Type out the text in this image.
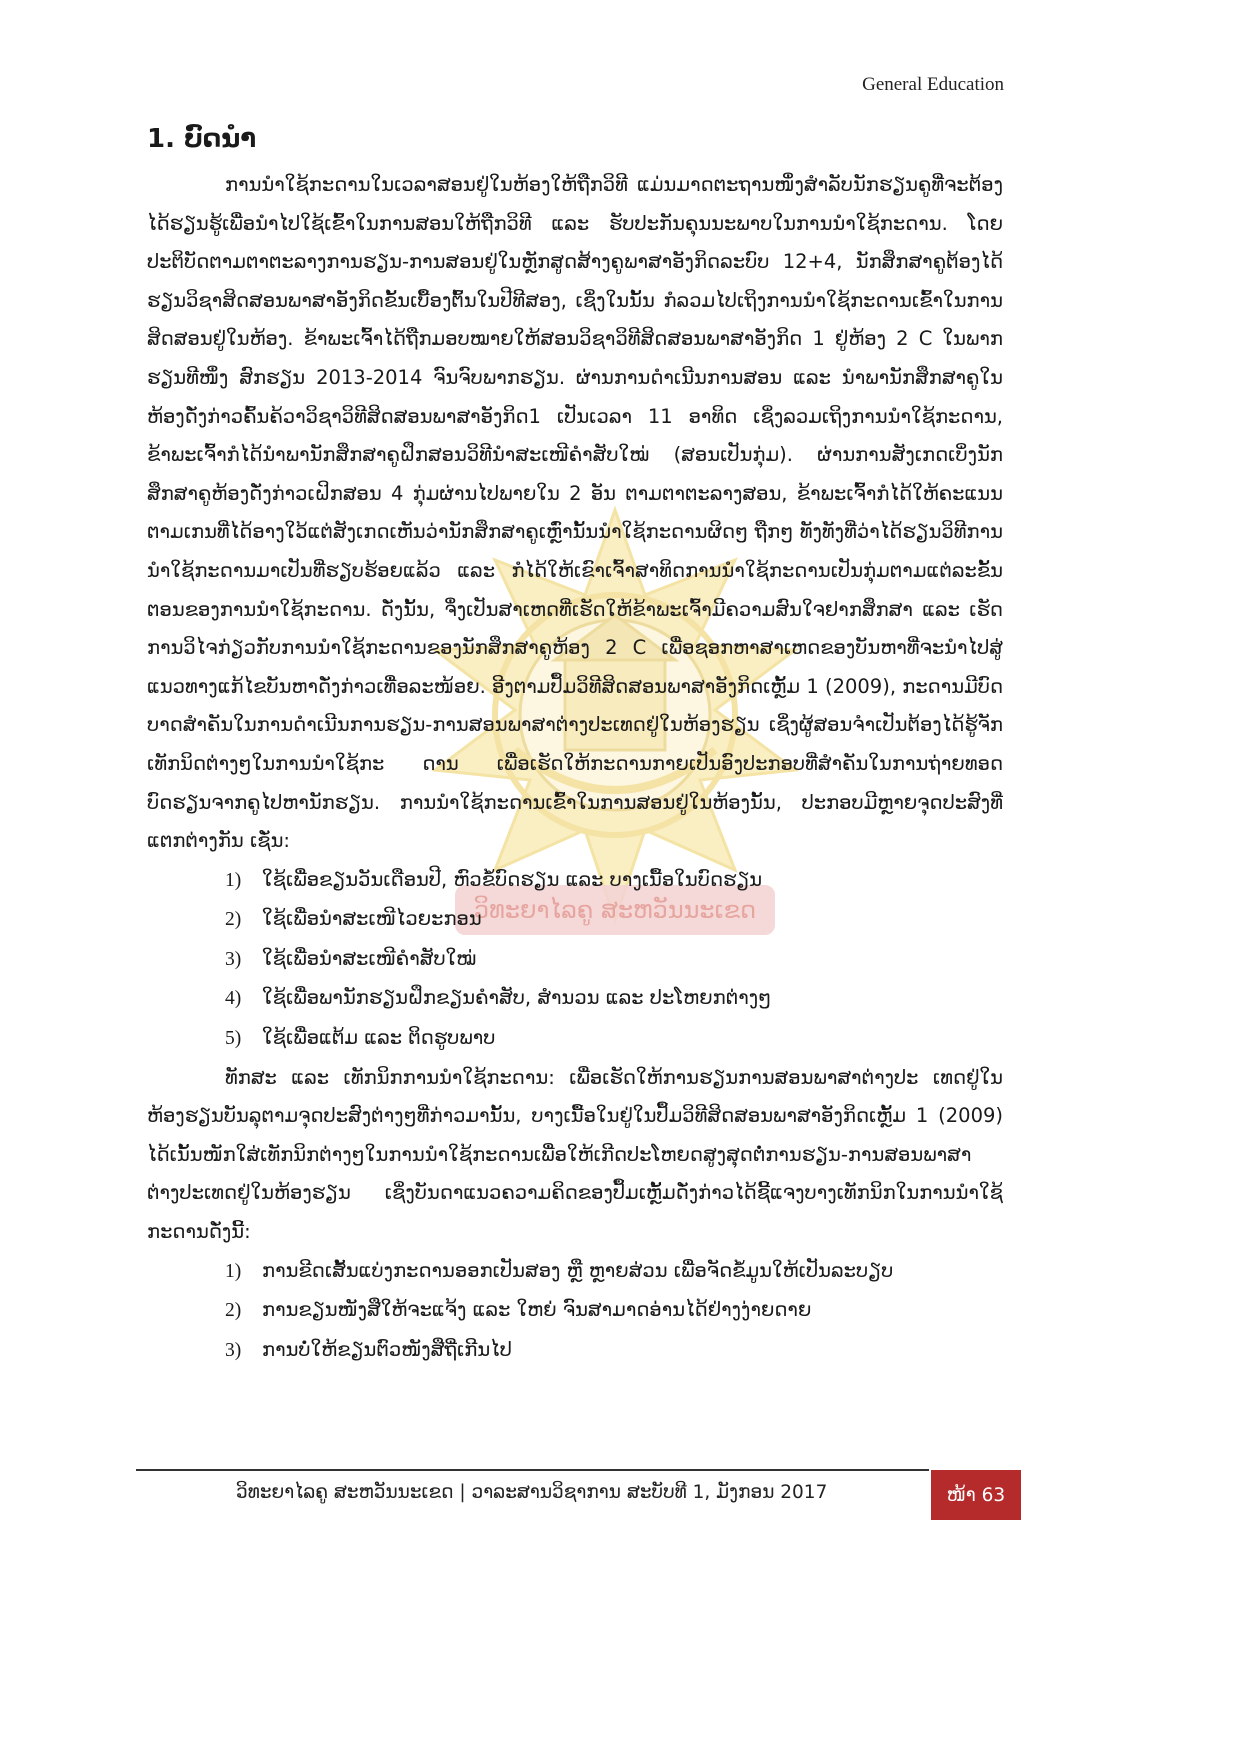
ວິທະຍາໄລຄູ ສະຫວັນນະເຂດ
General Education
1. ບົດນໍາ

ການນໍາໃຊ້ກະດານໃນເວລາສອນຢູ່ໃນຫ້ອງໃຫ້ຖືກວິທີ ແມ່ນມາດຕະຖານໜຶ່ງສໍາລັບນັກຮຽນຄູທີ່ຈະຕ້ອງໄດ້ຮຽນຮູ້ເພື່ອນໍາໄປໃຊ້ເຂົ້າໃນການສອນໃຫ້ຖືກວິທີ ແລະ ຮັບປະກັນຄຸນນະພາບໃນການນໍາໃຊ້ກະດານ. ໂດຍປະຕິບັດຕາມຕາຕະລາງການຮຽນ-ການສອນຢູ່ໃນຫຼັກສູດສ້າງຄູພາສາອັງກິດລະບົບ 12+4, ນັກສຶກສາຄູຕ້ອງໄດ້ຮຽນວິຊາສິດສອນພາສາອັງກິດຂັ້ນເບື້ອງຕົ້ນໃນປີທີສອງ, ເຊິ່ງໃນນັ້ນ ກໍລວມໄປເຖິງການນໍາໃຊ້ກະດານເຂົ້າໃນການສິດສອນຢູ່ໃນຫ້ອງ. ຂ້າພະເຈົ້າໄດ້ຖືກມອບໝາຍໃຫ້ສອນວິຊາວິທີສິດສອນພາສາອັງກິດ 1 ຢູ່ຫ້ອງ 2 C ໃນພາກຮຽນທີໜຶ່ງ ສົກຮຽນ 2013-2014 ຈົນຈົບພາກຮຽນ. ຜ່ານການດໍາເນີນການສອນ ແລະ ນໍາພານັກສຶກສາຄູໃນຫ້ອງດັ່ງກ່າວຄົ້ນຄ້ວາວິຊາວິທີສິດສອນພາສາອັງກິດ1 ເປັນເວລາ 11 ອາທິດ ເຊິ່ງລວມເຖິງການນໍາໃຊ້ກະດານ, ຂ້າພະເຈົ້າກໍໄດ້ນໍາພານັກສຶກສາຄູຝຶກສອນວິທີນໍາສະເໜີຄໍາສັບໃໝ່ (ສອນເປັນກຸ່ມ). ຜ່ານການສັງເກດເບິ່ງນັກສຶກສາຄູຫ້ອງດັ່ງກ່າວເຝິກສອນ 4 ກຸ່ມຜ່ານໄປພາຍໃນ 2 ອັນ ຕາມຕາຕະລາງສອນ, ຂ້າພະເຈົ້າກໍໄດ້ໃຫ້ຄະແນນຕາມເກນທີ່ໄດ້ອາງໃວ້ແຕ່ສັງເກດເຫັນວ່ານັກສຶກສາຄູເຫຼົ່ານັ້ນນໍາໃຊ້ກະດານຜິດໆ ຖືກໆ ທັງທັງທີ່ວ່າໄດ້ຮຽນວິທີການນໍາໃຊ້ກະດານມາເປັນທີ່ຮຽບຮ້ອຍແລ້ວ ແລະ ກໍໄດ້ໃຫ້ເຂົາເຈົ້າສາທິດການນໍາໃຊ້ກະດານເປັນກຸ່ມຕາມແຕ່ລະຂັ້ນຕອນຂອງການນໍາໃຊ້ກະດານ. ດັ່ງນັ້ນ, ຈຶ່ງເປັນສາເຫດທີ່ເຮັດໃຫ້ຂ້າພະເຈົ້າມີຄວາມສົນໃຈຢາກສຶກສາ ແລະ ເຮັດການວິໄຈກ່ຽວກັບການນໍາໃຊ້ກະດານຂອງນັກສຶກສາຄູຫ້ອງ 2 C ເພື່ອຊອກຫາສາເຫດຂອງບັນຫາທີ່ຈະນໍາໄປສູ່ແນວທາງແກ້ໄຂບັນຫາດັ່ງກ່າວເທື່ອລະໜ້ອຍ. ອີງຕາມປຶ້ມວິທີສິດສອນພາສາອັງກິດເຫຼັ້ມ 1 (2009), ກະດານມີບົດບາດສໍາຄັນໃນການດໍາເນີນການຮຽນ-ການສອນພາສາຕ່າງປະເທດຢູ່ໃນຫ້ອງຮຽນ ເຊິ່ງຜູ້ສອນຈໍາເປັນຕ້ອງໄດ້ຮູ້ຈັກເທັກນິດຕ່າງໆໃນການນໍາໃຊ້ກະ ດານ ເພື່ອເຮັດໃຫ້ກະດານກາຍເປັນອົງປະກອບທີ່ສໍາຄັນໃນການຖ່າຍທອດບົດຮຽນຈາກຄູໄປຫານັກຮຽນ. ການນໍາໃຊ້ກະດານເຂົ້າໃນການສອນຢູ່ໃນຫ້ອງນັ້ນ, ປະກອບມີຫຼາຍຈຸດປະສົງທີ່ແຕກຕ່າງກັນ ເຊັ່ນ:

1) ໃຊ້ເພື່ອຂຽນວັນເດືອນປີ, ຫົວຂໍ້ບົດຮຽນ ແລະ ບາງເນື້ອໃນບົດຮຽນ
2) ໃຊ້ເພື່ອນໍາສະເໜີໄວຍະກອນ
3) ໃຊ້ເພື່ອນໍາສະເໜີຄໍາສັບໃໝ່
4) ໃຊ້ເພື່ອພານັກຮຽນຝຶກຂຽນຄໍາສັບ, ສໍານວນ ແລະ ປະໂຫຍກຕ່າງໆ
5) ໃຊ້ເພື່ອແຕ້ມ ແລະ ຕິດຮູບພາບ

ທັກສະ ແລະ ເທັກນິກການນໍາໃຊ້ກະດານ: ເພື່ອເຮັດໃຫ້ການຮຽນການສອນພາສາຕ່າງປະ ເທດຢູ່ໃນຫ້ອງຮຽນບັນລຸຕາມຈຸດປະສົງຕ່າງໆທີ່ກ່າວມານັ້ນ, ບາງເນື້ອໃນຢູ່ໃນປຶ້ມວິທີສິດສອນພາສາອັງກິດເຫຼັ້ມ 1 (2009) ໄດ້ເນັ້ນໜັກໃສ່ເທັກນິກຕ່າງໆໃນການນໍາໃຊ້ກະດານເພື່ອໃຫ້ເກີດປະໂຫຍດສູງສຸດຕໍ່ການຮຽນ-ການສອນພາສາຕ່າງປະເທດຢູ່ໃນຫ້ອງຮຽນ ເຊິ່ງບັນດາແນວຄວາມຄິດຂອງປຶ້ມເຫຼັ້ມດັ່ງກ່າວໄດ້ຊີ້ແຈງບາງເທັກນິກໃນການນໍາໃຊ້ກະດານດັ່ງນີ້:

1) ການຂີດເສັ້ນແບ່ງກະດານອອກເປັນສອງ ຫຼື ຫຼາຍສ່ວນ ເພື່ອຈັດຂໍ້ມູນໃຫ້ເປັນລະບຽບ
2) ການຂຽນໜັງສືໃຫ້ຈະແຈ້ງ ແລະ ໃຫຍ່ ຈົນສາມາດອ່ານໄດ້ຢ່າງງ່າຍດາຍ
3) ການບໍ່ໃຫ້ຂຽນຕົວໜັງສືຖີ່ເກີນໄປ
ວິທະຍາໄລຄູ ສະຫວັນນະເຂດ | ວາລະສານວິຊາການ ສະບັບທີ 1, ມັງກອນ 2017	ໜ້າ 63
